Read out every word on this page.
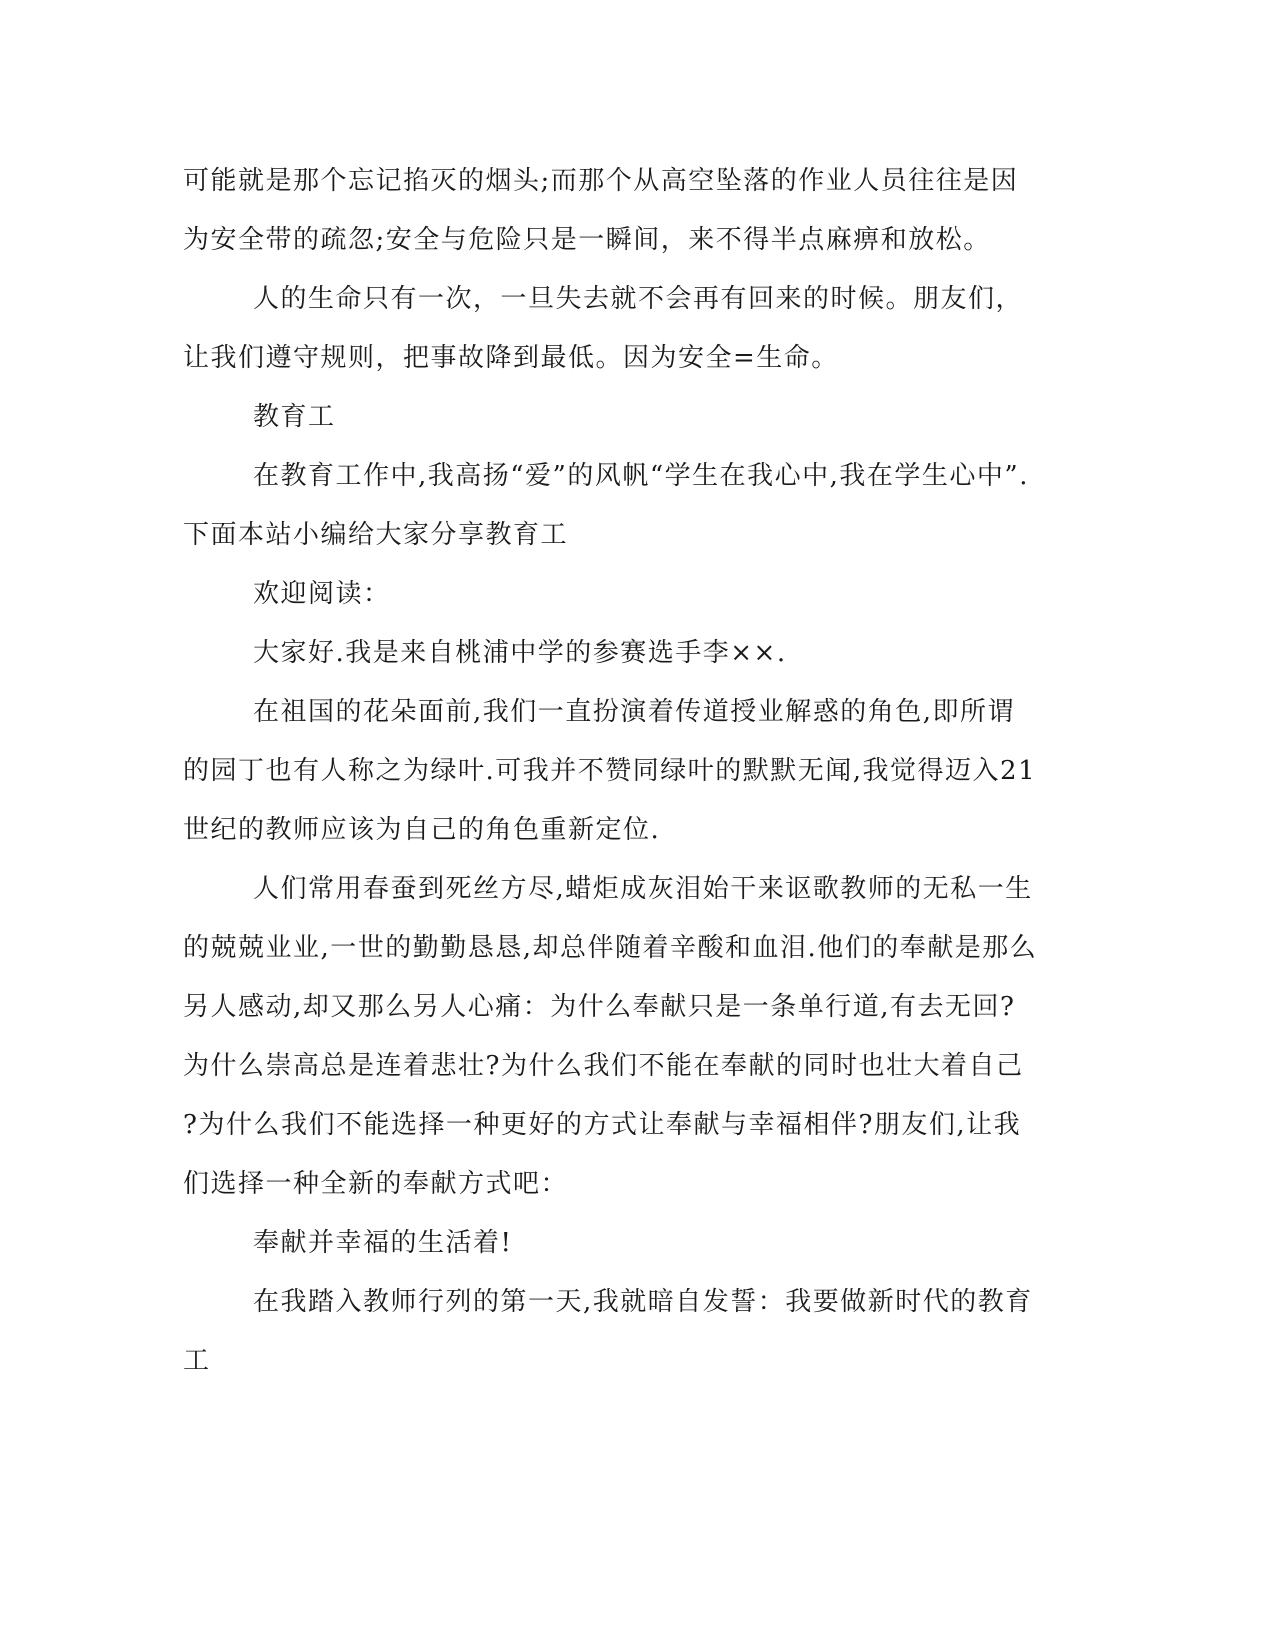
可能就是那个忘记掐灭的烟头;而那个从高空坠落的作业人员往往是因
为安全带的疏忽;安全与危险只是一瞬间，来不得半点麻痹和放松。

人的生命只有一次，一旦失去就不会再有回来的时候。朋友们，
让我们遵守规则，把事故降到最低。因为安全=生命。

教育工

在教育工作中,我高扬“爱”的风帆“学生在我心中,我在学生心中”.
下面本站小编给大家分享教育工

欢迎阅读：

大家好.我是来自桃浦中学的参赛选手李××.

在祖国的花朵面前,我们一直扮演着传道授业解惑的角色,即所谓
的园丁也有人称之为绿叶.可我并不赞同绿叶的默默无闻,我觉得迈入21
世纪的教师应该为自己的角色重新定位.

人们常用春蚕到死丝方尽,蜡炬成灰泪始干来讴歌教师的无私一生
的兢兢业业,一世的勤勤恳恳,却总伴随着辛酸和血泪.他们的奉献是那么
另人感动,却又那么另人心痛：为什么奉献只是一条单行道,有去无回?
为什么崇高总是连着悲壮?为什么我们不能在奉献的同时也壮大着自己
?为什么我们不能选择一种更好的方式让奉献与幸福相伴?朋友们,让我
们选择一种全新的奉献方式吧：

奉献并幸福的生活着!

在我踏入教师行列的第一天,我就暗自发誓：我要做新时代的教育
工
